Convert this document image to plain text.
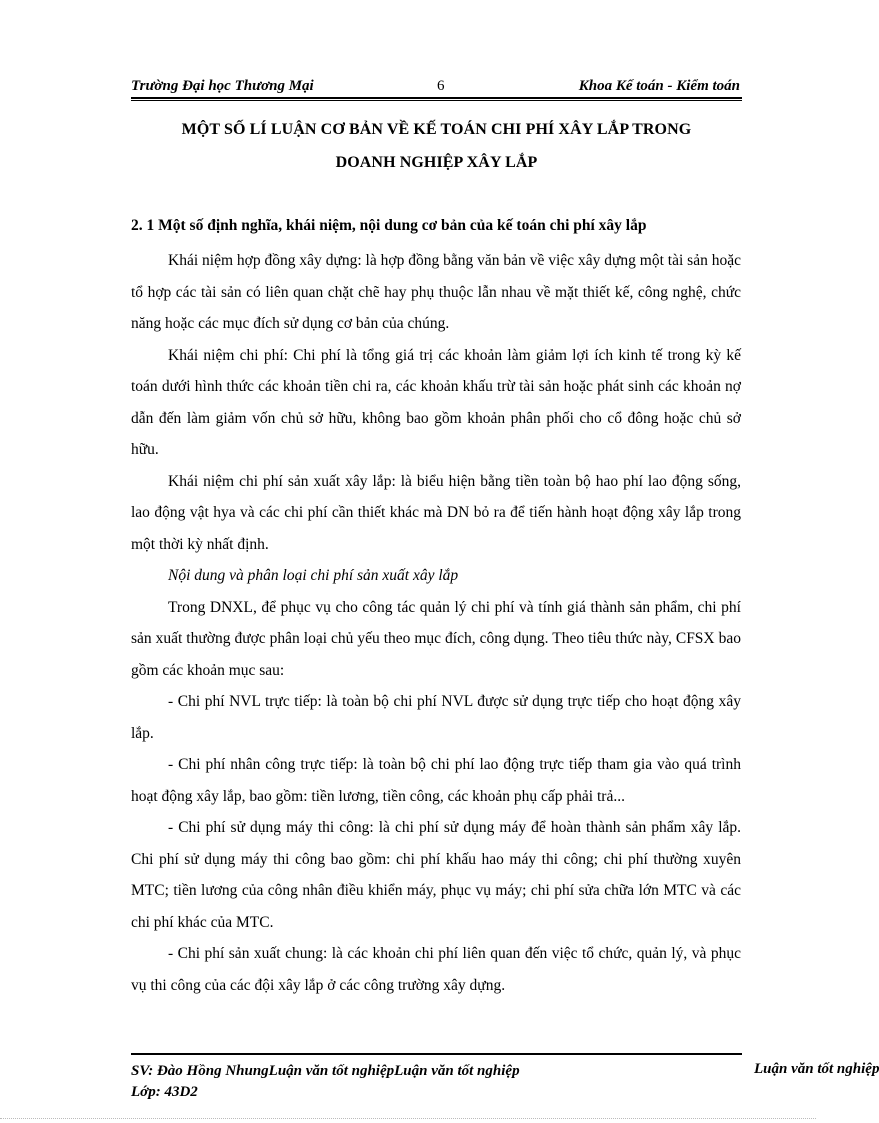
Trường Đại học Thương Mại	6	Khoa Kế toán - Kiểm toán
MỘT SỐ LÍ LUẬN CƠ BẢN VỀ KẾ TOÁN CHI PHÍ XÂY LẮP TRONG
DOANH NGHIỆP XÂY LẮP
2. 1 Một số định nghĩa, khái niệm, nội dung cơ bản của kế toán chi phí xây lắp

Khái niệm hợp đồng xây dựng: là hợp đồng bằng văn bản về việc xây dựng một tài sản hoặc tổ hợp các tài sản có liên quan chặt chẽ hay phụ thuộc lẫn nhau về mặt thiết kế, công nghệ, chức năng hoặc các mục đích sử dụng cơ bản của chúng.

Khái niệm chi phí: Chi phí là tổng giá trị các khoản làm giảm lợi ích kinh tế trong kỳ kế toán dưới hình thức các khoản tiền chi ra, các khoản khấu trừ tài sản hoặc phát sinh các khoản nợ dẫn đến làm giảm vốn chủ sở hữu, không bao gồm khoản phân phối cho cổ đông hoặc chủ sở hữu.

Khái niệm chi phí sản xuất xây lắp: là biểu hiện bằng tiền toàn bộ hao phí lao động sống, lao động vật hya và các chi phí cần thiết khác mà DN bỏ ra để tiến hành hoạt động xây lắp trong một thời kỳ nhất định.

Nội dung và phân loại chi phí sản xuất xây lắp

Trong DNXL, để phục vụ cho công tác quản lý chi phí và tính giá thành sản phẩm, chi phí sản xuất thường được phân loại chủ yếu theo mục đích, công dụng. Theo tiêu thức này, CFSX bao gồm các khoản mục sau:

- Chi phí NVL trực tiếp: là toàn bộ chi phí NVL được sử dụng trực tiếp cho hoạt động xây lắp.

- Chi phí nhân công trực tiếp: là toàn bộ chi phí lao động trực tiếp tham gia vào quá trình hoạt động xây lắp, bao gồm: tiền lương, tiền công, các khoản phụ cấp phải trả...

- Chi phí sử dụng máy thi công: là chi phí sử dụng máy để hoàn thành sản phẩm xây lắp. Chi phí sử dụng máy thi công bao gồm: chi phí khấu hao máy thi công; chi phí thường xuyên MTC; tiền lương của công nhân điều khiển máy, phục vụ máy; chi phí sửa chữa lớn MTC và các chi phí khác của MTC.

- Chi phí sản xuất chung: là các khoản chi phí liên quan đến việc tổ chức, quản lý, và phục vụ thi công của các đội xây lắp ở các công trường xây dựng.

SV: Đào Hồng NhungLuận văn tốt nghiệpLuận văn tốt nghiệp
Lớp: 43D2
Luận văn tốt nghiệp
